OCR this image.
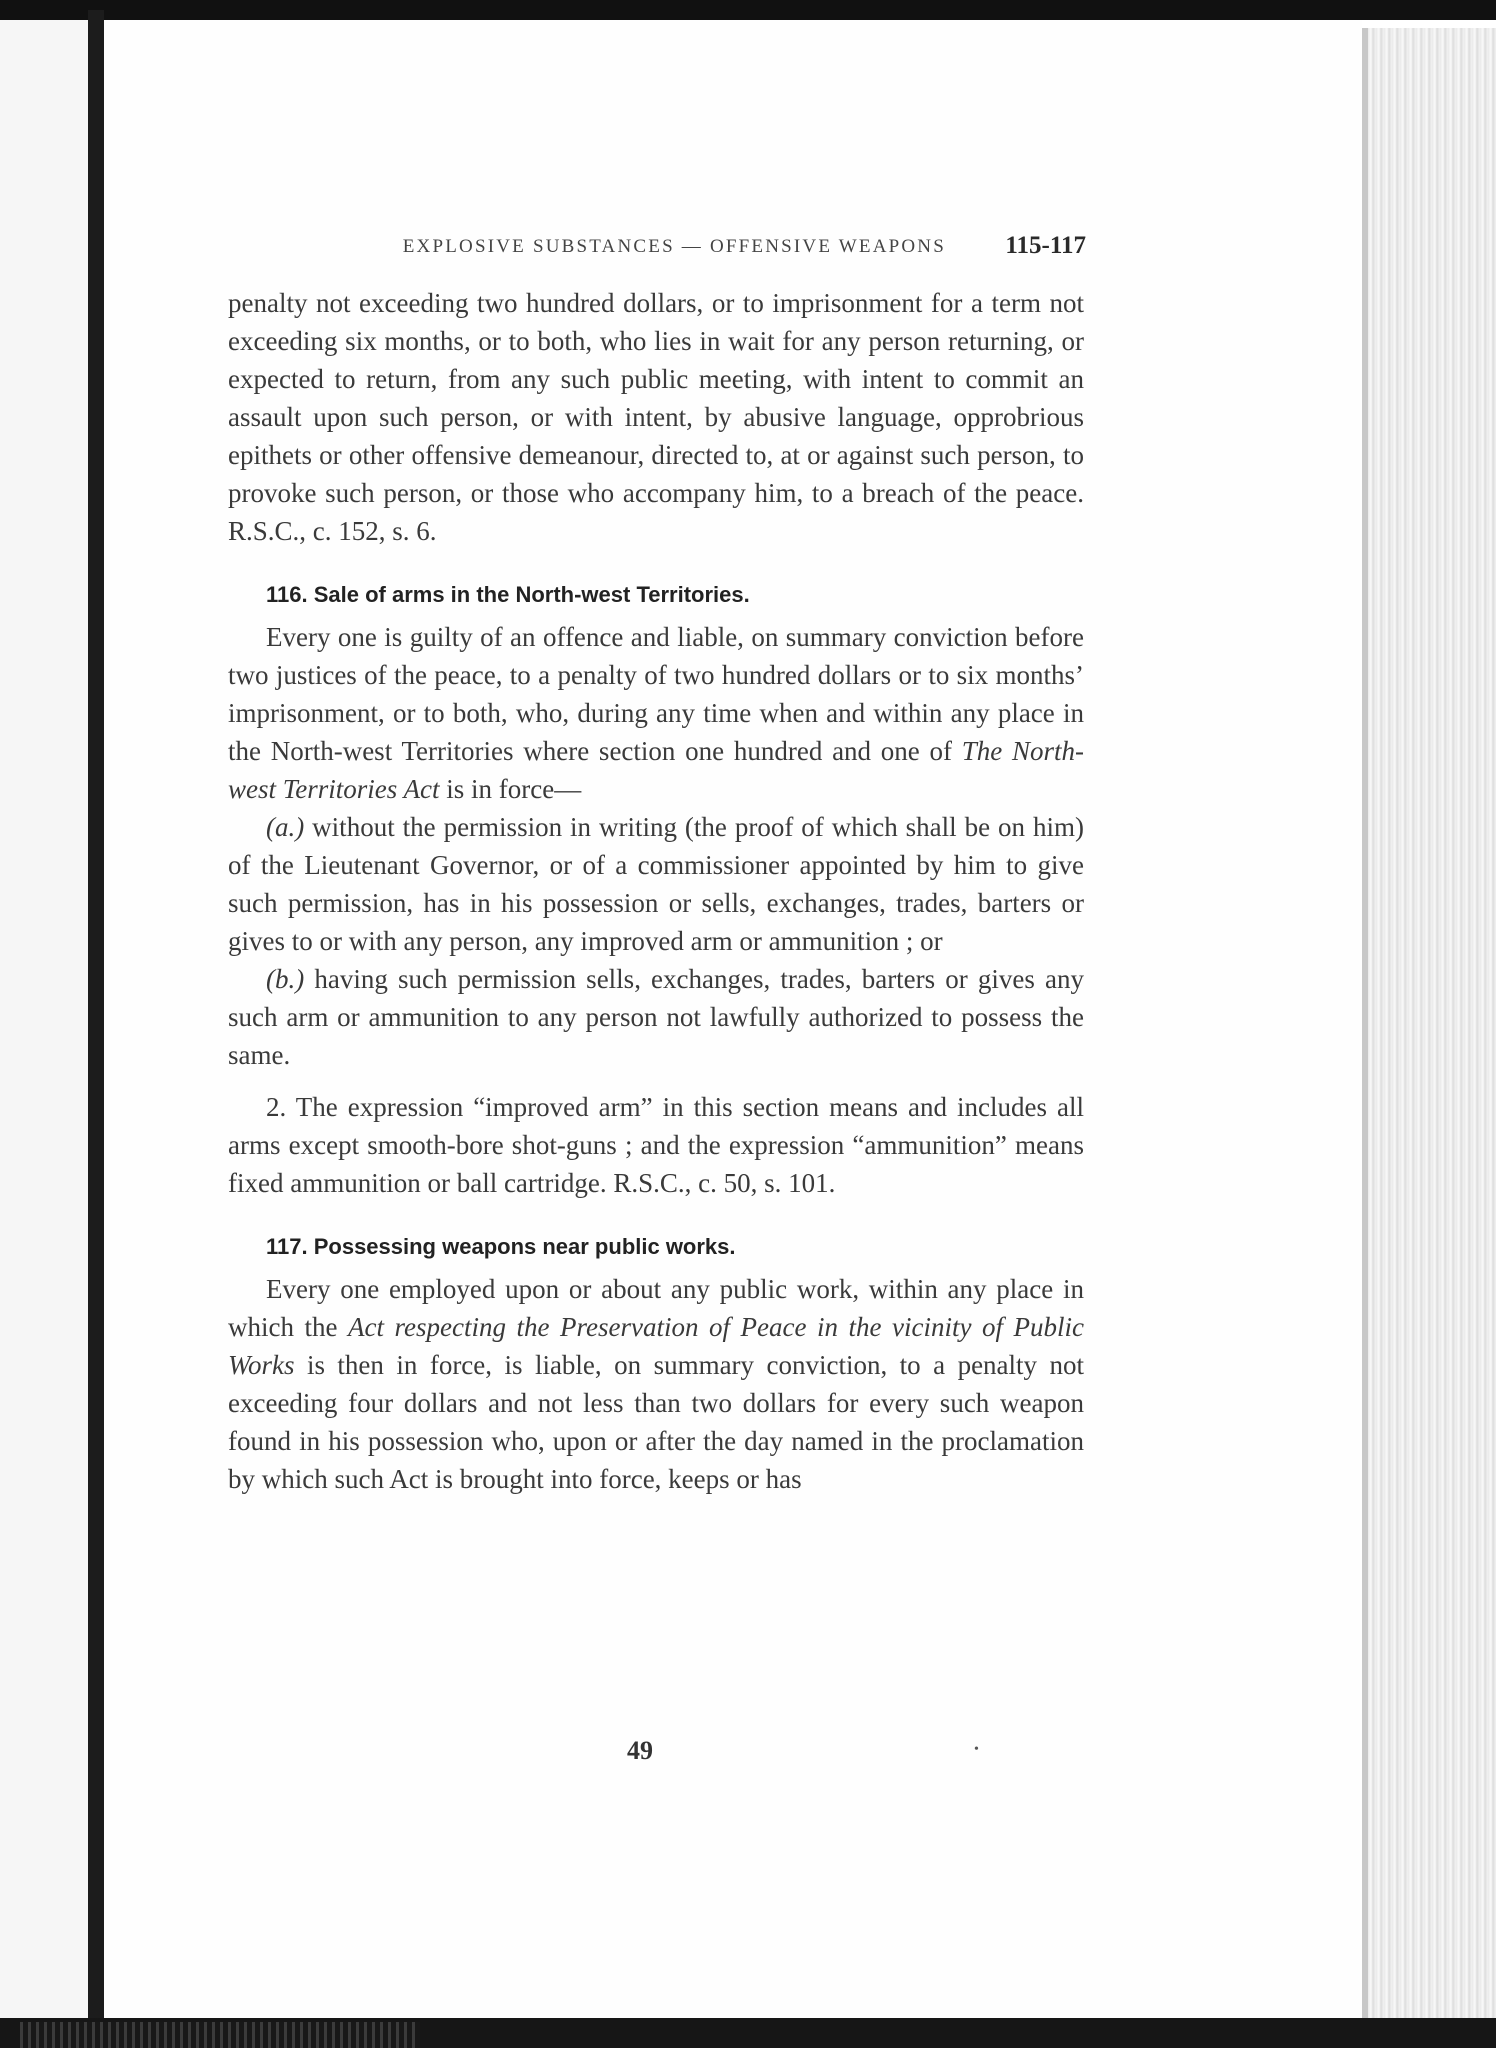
EXPLOSIVE SUBSTANCES — OFFENSIVE WEAPONS 115-117

penalty not exceeding two hundred dollars, or to imprisonment for a term not exceeding six months, or to both, who lies in wait for any person returning, or expected to return, from any such public meeting, with intent to commit an assault upon such person, or with intent, by abusive language, opprobrious epithets or other offensive demeanour, directed to, at or against such person, to provoke such person, or those who accompany him, to a breach of the peace. R.S.C., c. 152, s. 6.

116. Sale of arms in the North-west Territories.

Every one is guilty of an offence and liable, on summary conviction before two justices of the peace, to a penalty of two hundred dollars or to six months’ imprisonment, or to both, who, during any time when and within any place in the North-west Territories where section one hundred and one of The North-west Territories Act is in force—

(a.) without the permission in writing (the proof of which shall be on him) of the Lieutenant Governor, or of a commissioner appointed by him to give such permission, has in his possession or sells, exchanges, trades, barters or gives to or with any person, any improved arm or ammunition ; or

(b.) having such permission sells, exchanges, trades, barters or gives any such arm or ammunition to any person not lawfully authorized to possess the same.

2. The expression “improved arm” in this section means and includes all arms except smooth-bore shot-guns ; and the expression “ammunition” means fixed ammunition or ball cartridge. R.S.C., c. 50, s. 101.

117. Possessing weapons near public works.

Every one employed upon or about any public work, within any place in which the Act respecting the Preservation of Peace in the vicinity of Public Works is then in force, is liable, on summary conviction, to a penalty not exceeding four dollars and not less than two dollars for every such weapon found in his possession who, upon or after the day named in the proclamation by which such Act is brought into force, keeps or has

49	•
